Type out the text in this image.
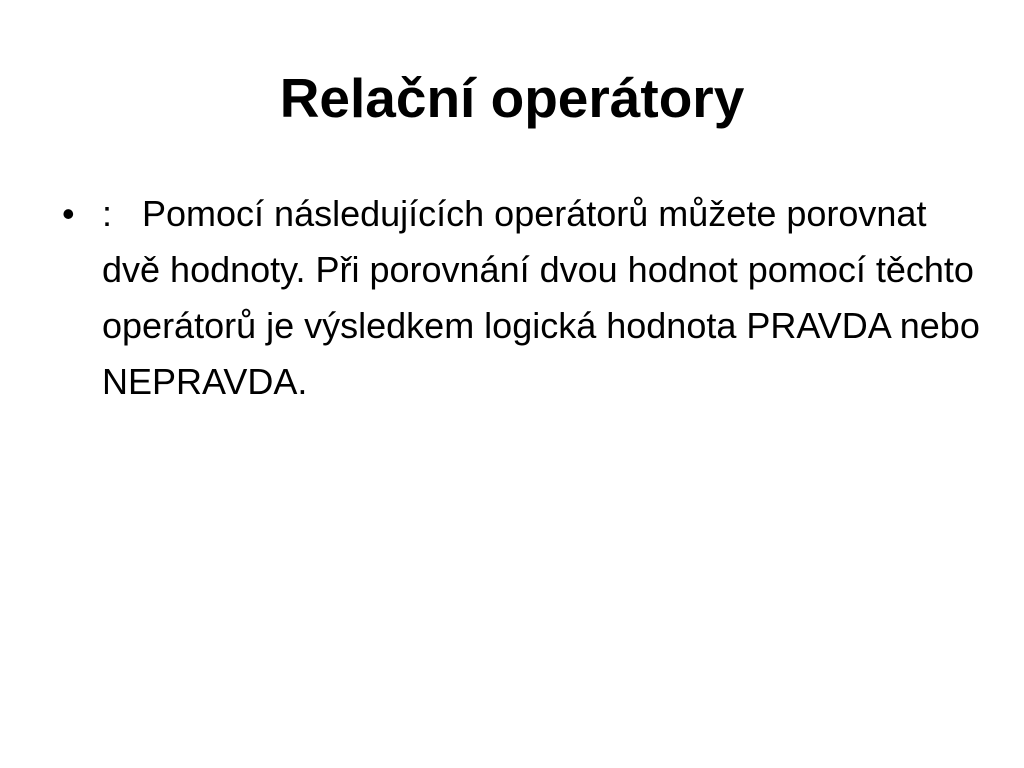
Relační operátory
• :   Pomocí následujících operátorů můžete porovnat dvě hodnoty. Při porovnání dvou hodnot pomocí těchto operátorů je výsledkem logická hodnota PRAVDA nebo NEPRAVDA.
